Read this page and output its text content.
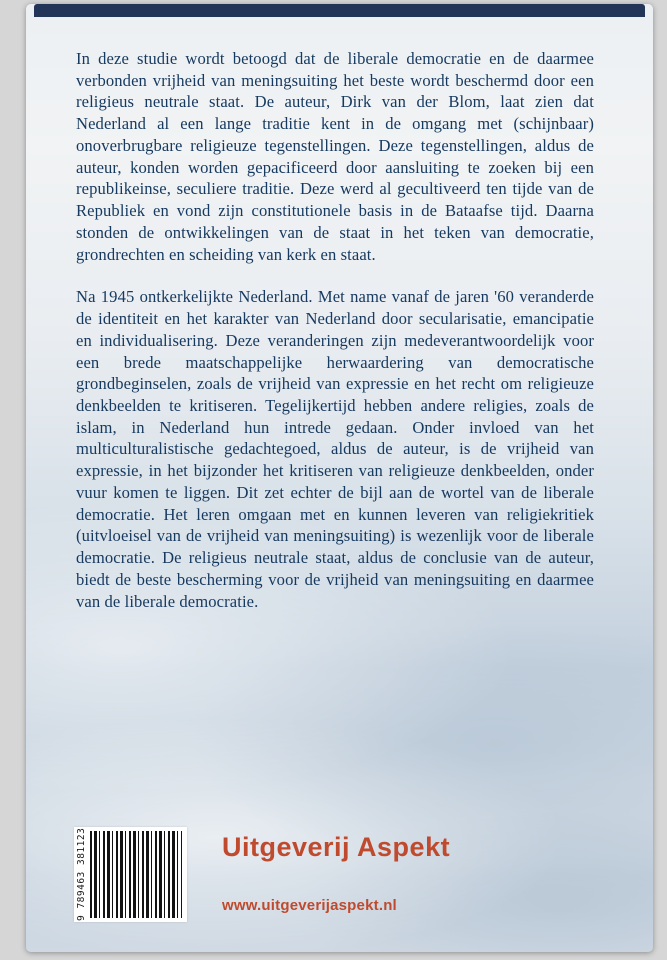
In deze studie wordt betoogd dat de liberale democratie en de daarmee verbonden vrijheid van meningsuiting het beste wordt beschermd door een religieus neutrale staat. De auteur, Dirk van der Blom, laat zien dat Nederland al een lange traditie kent in de omgang met (schijnbaar) onoverbrugbare religieuze tegenstellingen. Deze tegenstellingen, aldus de auteur, konden worden gepacificeerd door aansluiting te zoeken bij een republikeinse, seculiere traditie. Deze werd al gecultiveerd ten tijde van de Republiek en vond zijn constitutionele basis in de Bataafse tijd. Daarna stonden de ontwikkelingen van de staat in het teken van democratie, grondrechten en scheiding van kerk en staat.

Na 1945 ontkerkelijkte Nederland. Met name vanaf de jaren '60 veranderde de identiteit en het karakter van Nederland door secularisatie, emancipatie en individualisering. Deze veranderingen zijn medeverantwoordelijk voor een brede maatschappelijke herwaardering van democratische grondbeginselen, zoals de vrijheid van expressie en het recht om religieuze denkbeelden te kritiseren. Tegelijkertijd hebben andere religies, zoals de islam, in Nederland hun intrede gedaan. Onder invloed van het multiculturalistische gedachtegoed, aldus de auteur, is de vrijheid van expressie, in het bijzonder het kritiseren van religieuze denkbeelden, onder vuur komen te liggen. Dit zet echter de bijl aan de wortel van de liberale democratie. Het leren omgaan met en kunnen leveren van religiekritiek (uitvloeisel van de vrijheid van meningsuiting) is wezenlijk voor de liberale democratie. De religieus neutrale staat, aldus de conclusie van de auteur, biedt de beste bescherming voor de vrijheid van meningsuiting en daarmee van de liberale democratie.

9 789463 381123	Uitgeverij Aspekt
www.uitgeverijaspekt.nl
